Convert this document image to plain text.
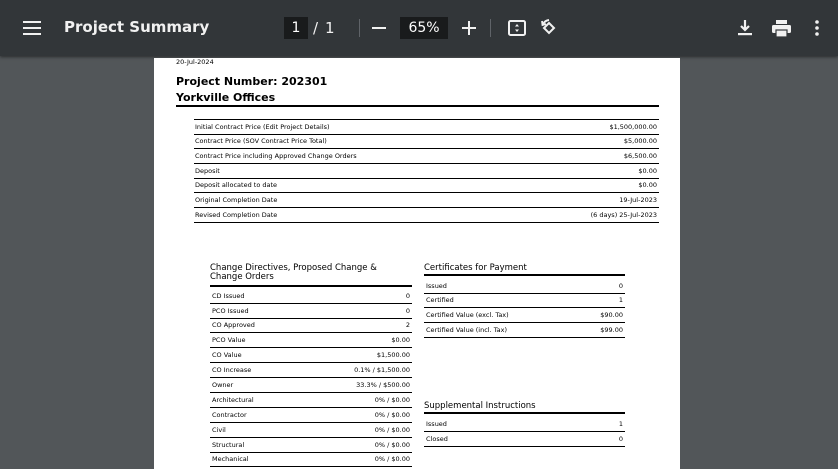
Project Summary	1 / 1	65%
20-Jul-2024
Project Number: 202301
Yorkville Offices
Initial Contract Price (Edit Project Details)	$1,500,000.00
Contract Price (SOV Contract Price Total)	$5,000.00
Contract Price including Approved Change Orders	$6,500.00
Deposit	$0.00
Deposit allocated to date	$0.00
Original Completion Date	19-Jul-2023
Revised Completion Date	(6 days) 25-Jul-2023
Change Directives, Proposed Change & Change Orders
CD Issued	0
PCO Issued	0
CO Approved	2
PCO Value	$0.00
CO Value	$1,500.00
CO Increase	0.1% / $1,500.00
Owner	33.3% / $500.00
Architectural	0% / $0.00
Contractor	0% / $0.00
Civil	0% / $0.00
Structural	0% / $0.00
Mechanical	0% / $0.00
Certificates for Payment
Issued	0
Certified	1
Certified Value (excl. Tax)	$90.00
Certified Value (incl. Tax)	$99.00
Supplemental Instructions
Issued	1
Closed	0
